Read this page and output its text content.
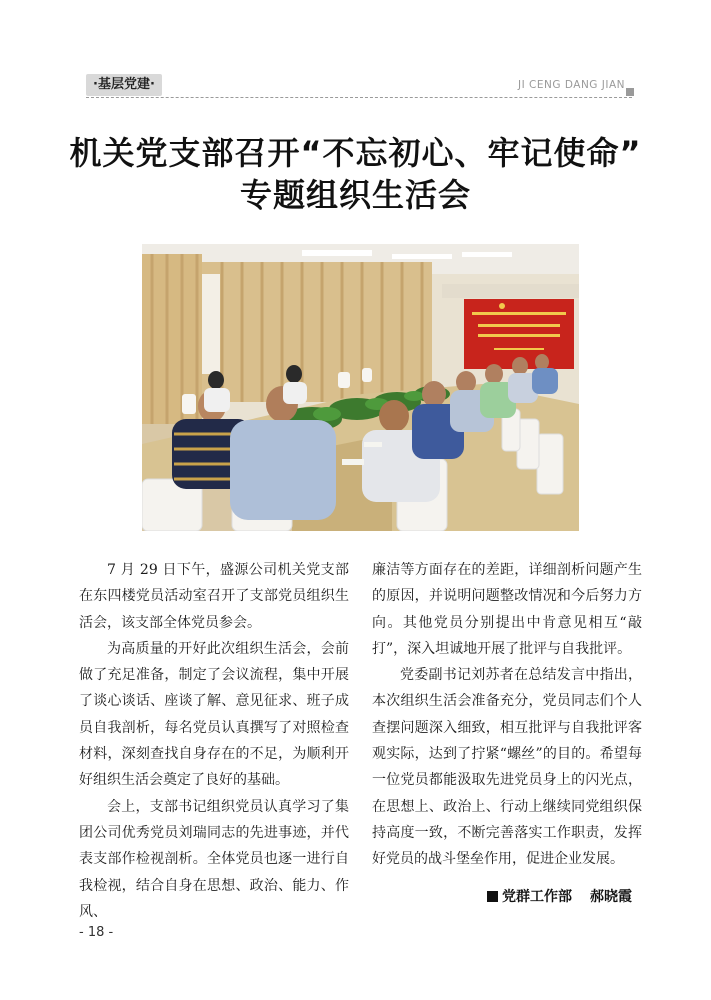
·基层党建·	JI CENG DANG JIAN
机关党支部召开“不忘初心、牢记使命”
专题组织生活会

7 月 29 日下午，盛源公司机关党支部在东四楼党员活动室召开了支部党员组织生活会，该支部全体党员参会。

为高质量的开好此次组织生活会，会前做了充足准备，制定了会议流程，集中开展了谈心谈话、座谈了解、意见征求、班子成员自我剖析，每名党员认真撰写了对照检查材料，深刻查找自身存在的不足，为顺利开好组织生活会奠定了良好的基础。

会上，支部书记组织党员认真学习了集团公司优秀党员刘瑞同志的先进事迹，并代表支部作检视剖析。全体党员也逐一进行自我检视，结合自身在思想、政治、能力、作风、

廉洁等方面存在的差距，详细剖析问题产生的原因，并说明问题整改情况和今后努力方向。其他党员分别提出中肯意见相互“敲打”，深入坦诚地开展了批评与自我批评。

党委副书记刘苏者在总结发言中指出，本次组织生活会准备充分，党员同志们个人查摆问题深入细致，相互批评与自我批评客观实际，达到了拧紧“螺丝”的目的。希望每一位党员都能汲取先进党员身上的闪光点，在思想上、政治上、行动上继续同党组织保持高度一致，不断完善落实工作职责，发挥好党员的战斗堡垒作用，促进企业发展。

党群工作部 郝晓霞
- 18 -
